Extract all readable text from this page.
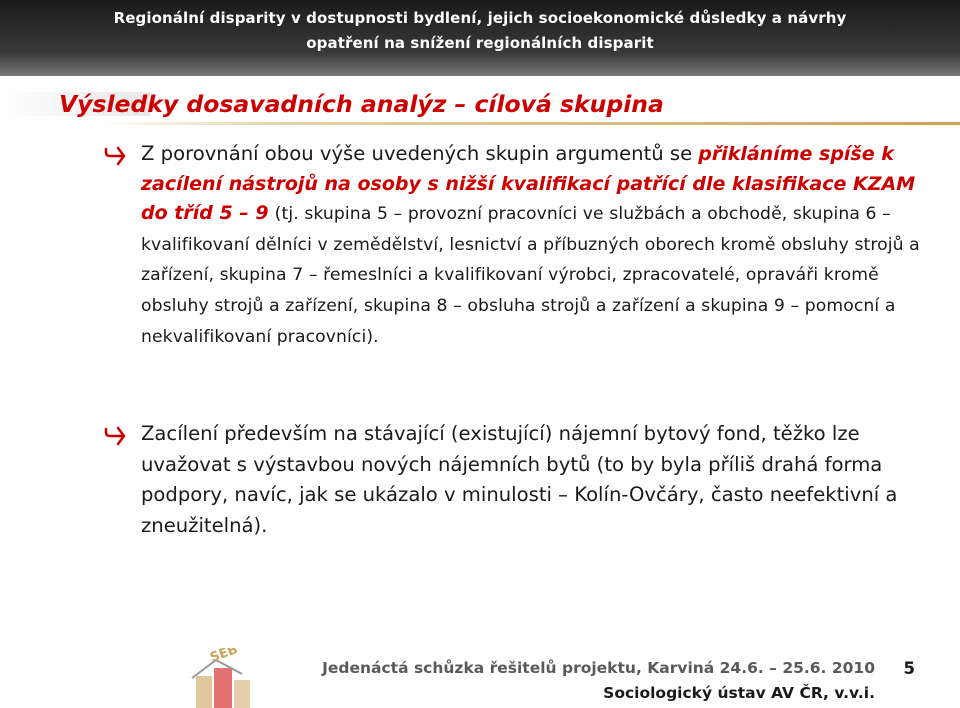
Regionální disparity v dostupnosti bydlení, jejich socioekonomické důsledky a návrhy
opatření na snížení regionálních disparit
Výsledky dosavadních analýz – cílová skupina
Z porovnání obou výše uvedených skupin argumentů se přikláníme spíše k zacílení nástrojů na osoby s nižší kvalifikací patřící dle klasifikace KZAM do tříd 5 – 9 (tj. skupina 5 – provozní pracovníci ve službách a obchodě, skupina 6 – kvalifikovaní dělníci v zemědělství, lesnictví a příbuzných oborech kromě obsluhy strojů a zařízení, skupina 7 – řemeslníci a kvalifikovaní výrobci, zpracovatelé, opraváři kromě obsluhy strojů a zařízení, skupina 8 – obsluha strojů a zařízení a skupina 9 – pomocní a nekvalifikovaní pracovníci).
Zacílení především na stávající (existující) nájemní bytový fond, těžko lze uvažovat s výstavbou nových nájemních bytů (to by byla příliš drahá forma podpory, navíc, jak se ukázalo v minulosti – Kolín-Ovčáry, často neefektivní a zneužitelná).
SEB
Jedenáctá schůzka řešitelů projektu, Karviná 24.6. – 25.6. 2010
Sociologický ústav AV ČR, v.v.i.
5
